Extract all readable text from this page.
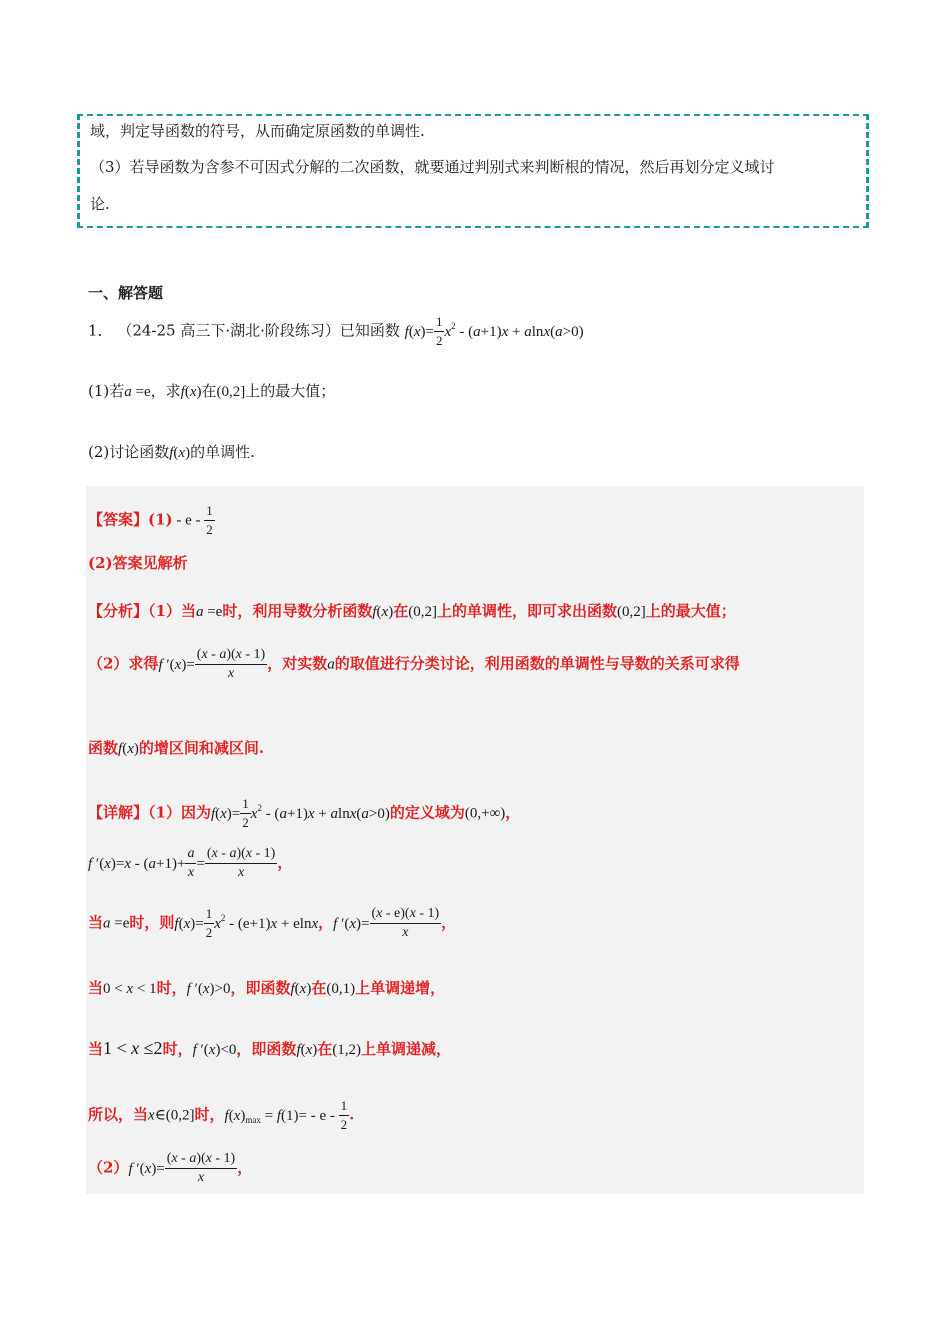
域，判定导函数的符号，从而确定原函数的单调性.

（3）若导函数为含参不可因式分解的二次函数，就要通过判别式来判断根的情况，然后再划分定义域讨

论.

一、解答题
1． （24-25 高三下·湖北·阶段练习）已知函数 $f(x)= \frac{1}{2} x^2 - (a+1)x + alnx(a>0)$
(1)若a =e，求f(x)在(0,2]上的最大值；
(2)讨论函数f(x)的单调性.
【答案】(1) - e - $\frac{1}{2}$
(2)答案见解析
【分析】（1）当a =e时，利用导数分析函数f(x)在(0,2]上的单调性，即可求出函数(0,2]上的最大值；
（2）求得f $'(x)= \frac{(x - a)(x - 1)}{x}$ ，对实数a的取值进行分类讨论，利用函数的单调性与导数的关系可求得
函数f(x)的增区间和减区间.
【详解】（1）因为$f(x)= \frac{1}{2} x^2 - (a+1)x + alnx(a>0)$的定义域为(0,+∞)，
f $'(x)=x - (a+1)+ \frac{a}{x} = \frac{(x - a)(x - 1)}{x}$ ，
当a =e时，则$f(x)= \frac{1}{2} x^2 - (e+1)x + elnx$，f $'(x)= \frac{(x - e)(x - 1)}{x}$ ，
当0 < x < 1时，f ′(x)>0，即函数f(x)在(0,1)上单调递增，
当1 < x ≤2时，f ′(x)<0，即函数f(x)在(1,2)上单调递减，
所以，当x∈(0,2]时，$f(x)_{max} = f(1)= - e - \frac{1}{2}$ .
（2）f $'(x)= \frac{(x - a)(x - 1)}{x}$ ，
